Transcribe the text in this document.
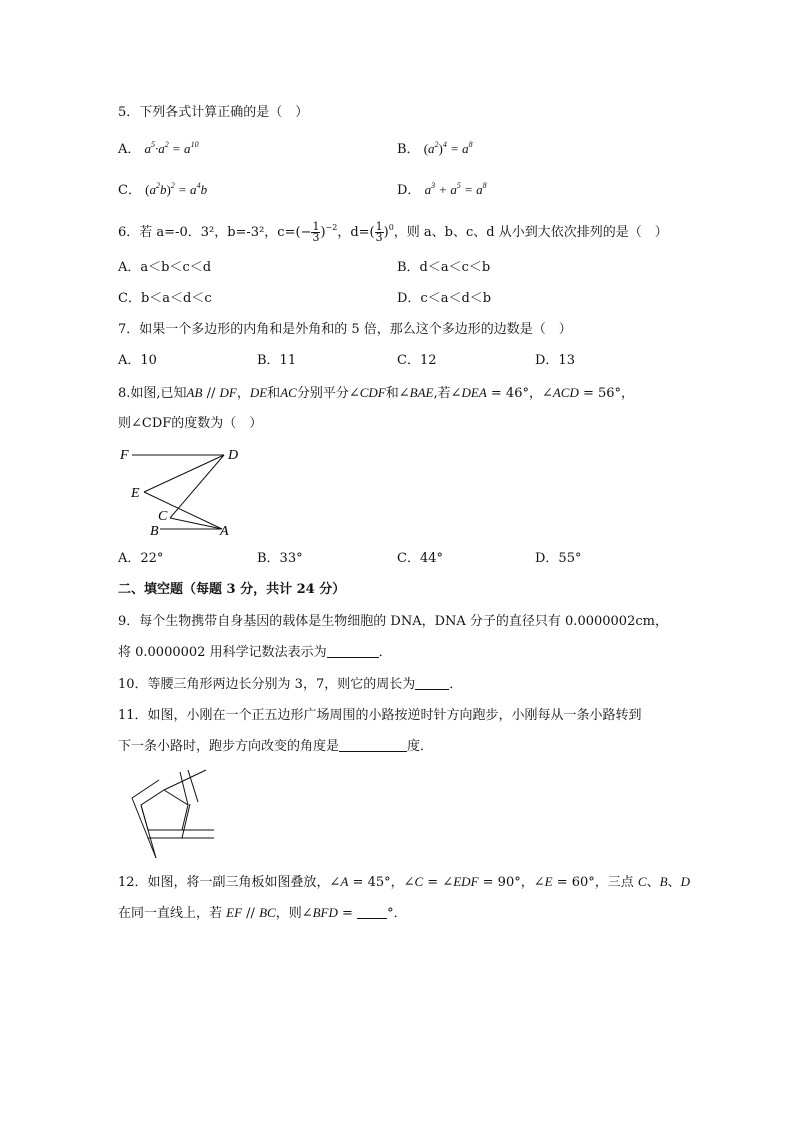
5．下列各式计算正确的是（　）
A． $a^5\cdot a^2 = a^{10}$	B． $(a^2)^4 = a^8$
C． $(a^2b)^2 = a^4b$	D． $a^3 + a^5 = a^8$
6．若 a=-0．3²，b=-3²，$c=(- \frac{1}{3} )^{-2}$，$d=( \frac{1}{3} )^0$，则 a、b、c、d 从小到大依次排列的是（　）
A．a＜b＜c＜d	B．d＜a＜c＜b
C．b＜a＜d＜c	D．c＜a＜d＜b
7．如果一个多边形的内角和是外角和的 5 倍，那么这个多边形的边数是（　）
A．10	B．11	C．12	D．13
8.如图,已知AB // DF，DE和AC分别平分∠CDF和∠BAE,若∠DEA = 46°，∠ACD = 56°，
则∠CDF的度数为（　）
F	D
E
C
B	A
A．22°	B．33°	C．44°	D．55°
二、填空题（每题 3 分，共计 24 分）
9．每个生物携带自身基因的载体是生物细胞的 DNA，DNA 分子的直径只有 0.0000002cm，
将 0.0000002 用科学记数法表示为	．
10．等腰三角形两边长分别为 3，7，则它的周长为	．
11．如图，小刚在一个正五边形广场周围的小路按逆时针方向跑步，小刚每从一条小路转到
下一条小路时，跑步方向改变的角度是	度．
12．如图，将一副三角板如图叠放，∠A = 45°，∠C = ∠EDF = 90°，∠E = 60°，三点 C、B、D
在同一直线上，若 EF // BC，则∠BFD = °．
